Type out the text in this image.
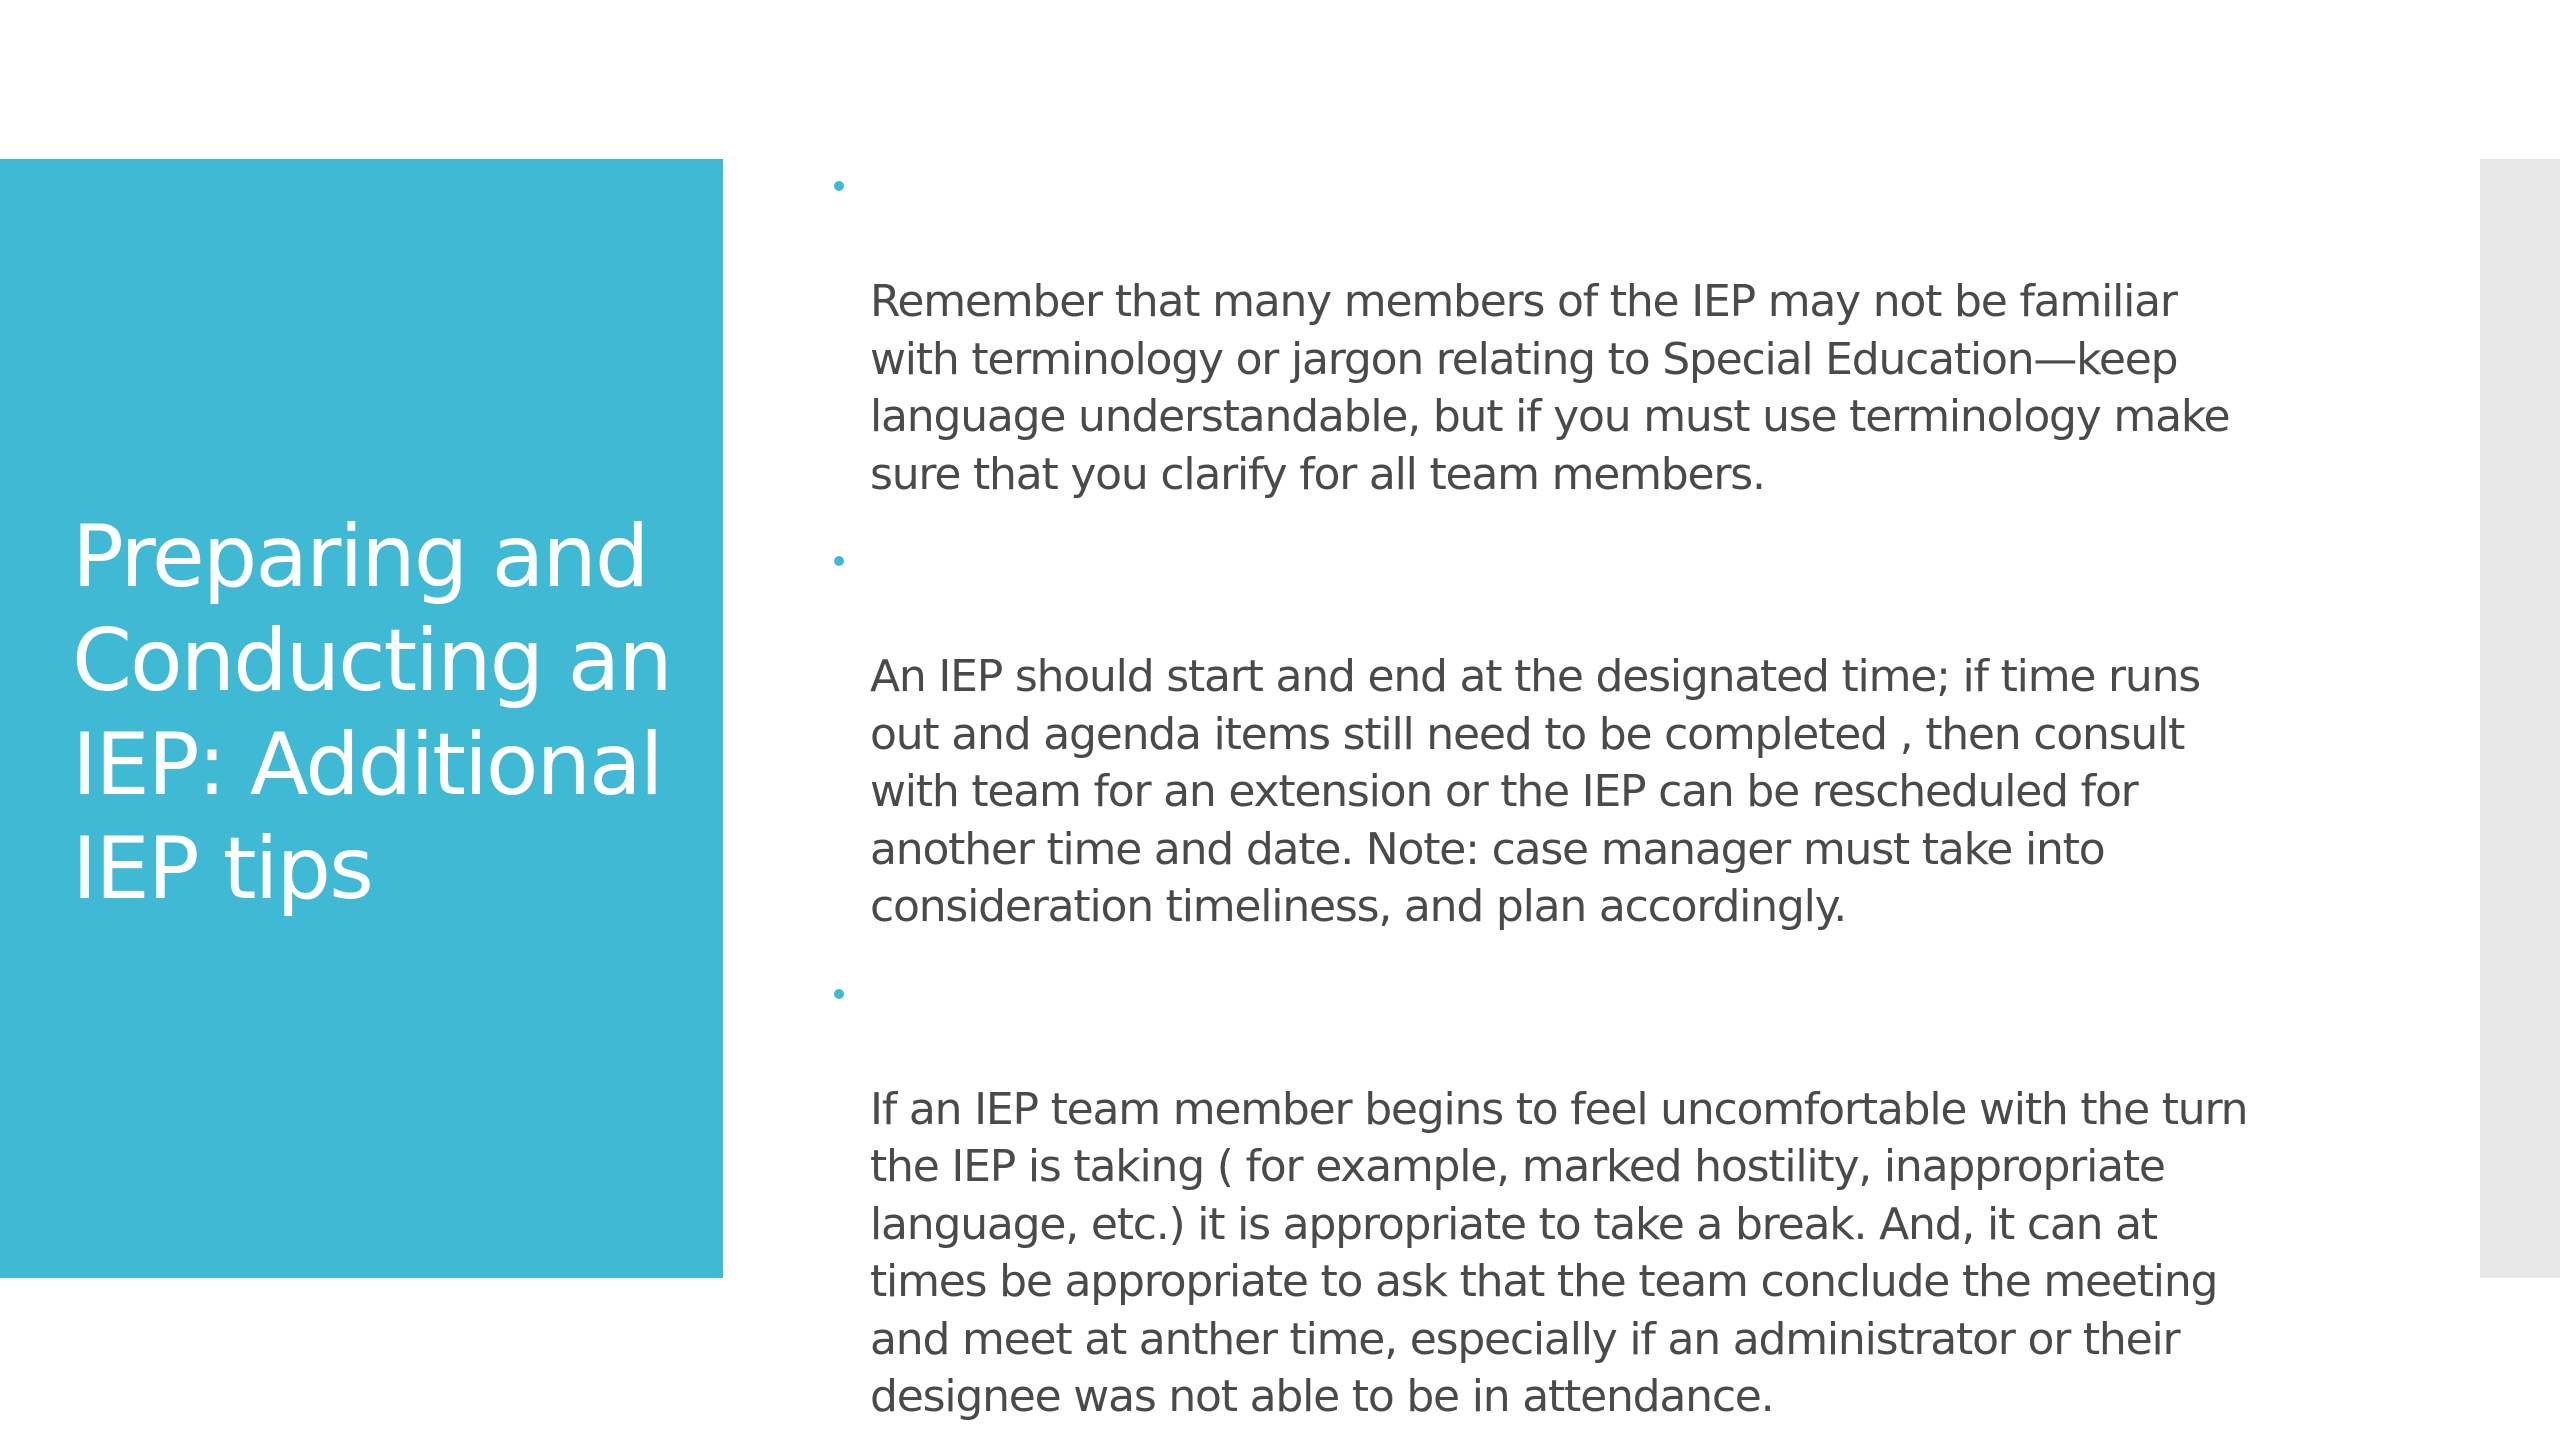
Preparing and
Conducting an
IEP: Additional
IEP tips

Remember that many members of the IEP may not be familiar
with terminology or jargon relating to Special Education—keep
language understandable, but if you must use terminology make
sure that you clarify for all team members.

An IEP should start and end at the designated time; if time runs
out and agenda items still need to be completed , then consult
with team for an extension or the IEP can be rescheduled for
another time and date. Note: case manager must take into
consideration timeliness, and plan accordingly.

If an IEP team member begins to feel uncomfortable with the turn
the IEP is taking ( for example, marked hostility, inappropriate
language, etc.) it is appropriate to take a break. And, it can at
times be appropriate to ask that the team conclude the meeting
and meet at anther time, especially if an administrator or their
designee was not able to be in attendance.
